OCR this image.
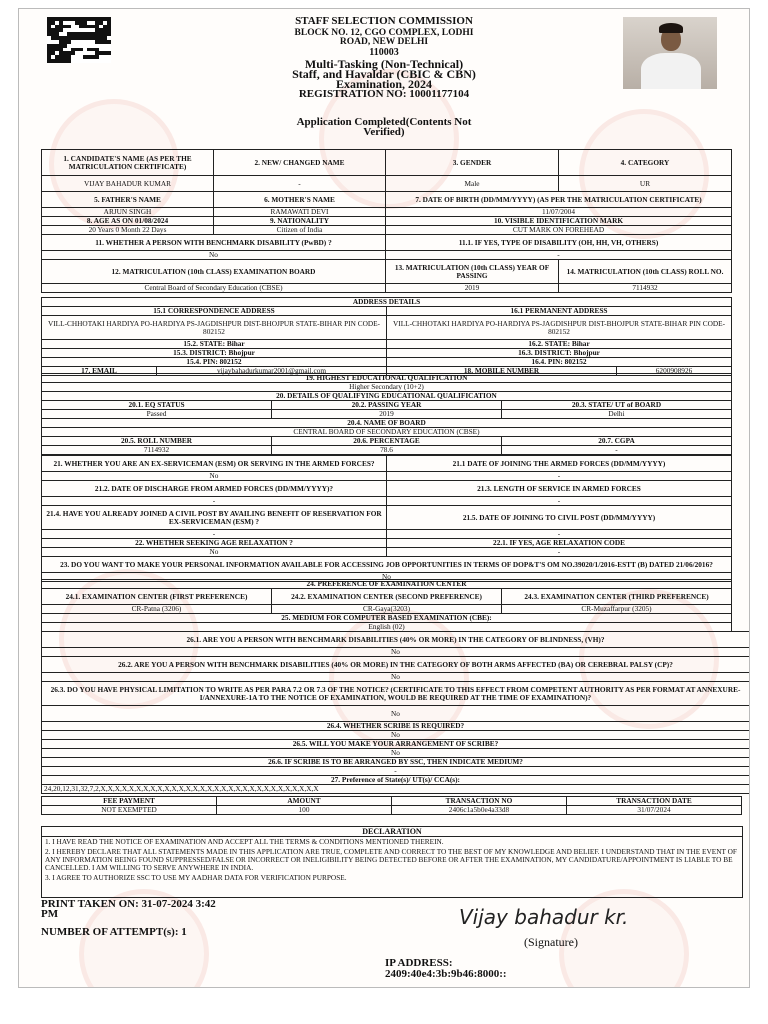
STAFF SELECTION COMMISSION
BLOCK NO. 12, CGO COMPLEX, LODHI
ROAD, NEW DELHI
110003
Multi-Tasking (Non-Technical)
Staff, and Havaldar (CBIC & CBN)
Examination, 2024
REGISTRATION NO: 10001177104
Application Completed(Contents Not
Verified)
1. CANDIDATE'S NAME (AS PER THE MATRICULATION CERTIFICATE)	2. NEW/ CHANGED NAME	3. GENDER	4. CATEGORY
VIJAY BAHADUR KUMAR	-	Male	UR
5. FATHER'S NAME	6. MOTHER'S NAME	7. DATE OF BIRTH (DD/MM/YYYY) (AS PER THE MATRICULATION CERTIFICATE)	
ARJUN SINGH	RAMAWATI DEVI	11/07/2004	
8. AGE AS ON 01/08/2024	9. NATIONALITY	10. VISIBLE IDENTIFICATION MARK	
20 Years 0 Month 22 Days	Citizen of India	CUT MARK ON FOREHEAD	
11. WHETHER A PERSON WITH BENCHMARK DISABILITY (PwBD) ?		11.1. IF YES, TYPE OF DISABILITY (OH, HH, VH, OTHERS)	
No		-	
12. MATRICULATION (10th CLASS) EXAMINATION BOARD		13. MATRICULATION (10th CLASS) YEAR OF PASSING	14. MATRICULATION (10th CLASS) ROLL NO.
Central Board of Secondary Education (CBSE)		2019	7114932
ADDRESS DETAILS			
15.1 CORRESPONDENCE ADDRESS		16.1 PERMANENT ADDRESS	
VILL-CHHOTAKI HARDIYA PO-HARDIYA PS-JAGDISHPUR DIST-BHOJPUR STATE-BIHAR PIN CODE-802152		VILL-CHHOTAKI HARDIYA PO-HARDIYA PS-JAGDISHPUR DIST-BHOJPUR STATE-BIHAR PIN CODE-802152	
15.2. STATE: Bihar		16.2. STATE: Bihar	
15.3. DISTRICT: Bhojpur		16.3. DISTRICT: Bhojpur	
15.4. PIN: 802152		16.4. PIN: 802152	
17. EMAIL	vijaybahadurkumar2001@gmail.com	18. MOBILE NUMBER	6200908926
19. HIGHEST EDUCATIONAL QUALIFICATION		
Higher Secondary (10+2)		
20. DETAILS OF QUALIFYING EDUCATIONAL QUALIFICATION		
20.1. EQ STATUS	20.2. PASSING YEAR	20.3. STATE/ UT of BOARD
Passed	2019	Delhi
20.4. NAME OF BOARD		
CENTRAL BOARD OF SECONDARY EDUCATION (CBSE)		
20.5. ROLL NUMBER	20.6. PERCENTAGE	20.7. CGPA
7114932	78.6	-
21. WHETHER YOU ARE AN EX-SERVICEMAN (ESM) OR SERVING IN THE ARMED FORCES?	21.1 DATE OF JOINING THE ARMED FORCES (DD/MM/YYYY)
No	-
21.2. DATE OF DISCHARGE FROM ARMED FORCES (DD/MM/YYYY)?	21.3. LENGTH OF SERVICE IN ARMED FORCES
-	-
21.4. HAVE YOU ALREADY JOINED A CIVIL POST BY AVAILING BENEFIT OF RESERVATION FOR EX-SERVICEMAN (ESM) ?	21.5. DATE OF JOINING TO CIVIL POST (DD/MM/YYYY)
-	-
22. WHETHER SEEKING AGE RELAXATION ?	22.1. IF YES, AGE RELAXATION CODE
No	-
23. DO YOU WANT TO MAKE YOUR PERSONAL INFORMATION AVAILABLE FOR ACCESSING JOB OPPORTUNITIES IN TERMS OF DOP&T'S OM NO.39020/1/2016-ESTT (B) DATED 21/06/2016?	
No	
24. PREFERENCE OF EXAMINATION CENTER		
24.1. EXAMINATION CENTER (FIRST PREFERENCE)	24.2. EXAMINATION CENTER (SECOND PREFERENCE)	24.3. EXAMINATION CENTER (THIRD PREFERENCE)
CR-Patna (3206)	CR-Gaya(3203)	CR-Muzaffarpur (3205)
25. MEDIUM FOR COMPUTER BASED EXAMINATION (CBE):		
English (02)		
26.1. ARE YOU A PERSON WITH BENCHMARK DISABILITIES (40% OR MORE) IN THE CATEGORY OF BLINDNESS, (VH)?
No
26.2. ARE YOU A PERSON WITH BENCHMARK DISABILITIES (40% OR MORE) IN THE CATEGORY OF BOTH ARMS AFFECTED (BA) OR CEREBRAL PALSY (CP)?
No
26.3. DO YOU HAVE PHYSICAL LIMITATION TO WRITE AS PER PARA 7.2 OR 7.3 OF THE NOTICE? (CERTIFICATE TO THIS EFFECT FROM COMPETENT AUTHORITY AS PER FORMAT AT ANNEXURE-I/ANNEXURE-1A TO THE NOTICE OF EXAMINATION, WOULD BE REQUIRED AT THE TIME OF EXAMINATION)?
No
26.4. WHETHER SCRIBE IS REQUIRED?
No
26.5. WILL YOU MAKE YOUR ARRANGEMENT OF SCRIBE?
No
26.6. IF SCRIBE IS TO BE ARRANGED BY SSC, THEN INDICATE MEDIUM?
-
27. Preference of State(s)/ UT(s)/ CCA(s):
24,20,12,31,32,7,2,X,X,X,X,X,X,X,X,X,X,X,X,X,X,X,X,X,X,X,X,X,X,X,X,X,X,X,X,X,X,X
FEE PAYMENT	AMOUNT	TRANSACTION NO	TRANSACTION DATE
NOT EXEMPTED	100	2406c1a5b0e4a33d8	31/07/2024
DECLARATION
1. I HAVE READ THE NOTICE OF EXAMINATION AND ACCEPT ALL THE TERMS & CONDITIONS MENTIONED THEREIN.
2. I HEREBY DECLARE THAT ALL STATEMENTS MADE IN THIS APPLICATION ARE TRUE, COMPLETE AND CORRECT TO THE BEST OF MY KNOWLEDGE AND BELIEF. I UNDERSTAND THAT IN THE EVENT OF ANY INFORMATION BEING FOUND SUPPRESSED/FALSE OR INCORRECT OR INELIGIBILITY BEING DETECTED BEFORE OR AFTER THE EXAMINATION, MY CANDIDATURE/APPOINTMENT IS LIABLE TO BE CANCELLED. I AM WILLING TO SERVE ANYWHERE IN INDIA.
3. I AGREE TO AUTHORIZE SSC TO USE MY AADHAR DATA FOR VERIFICATION PURPOSE.
PRINT TAKEN ON: 31-07-2024 3:42
PM
NUMBER OF ATTEMPT(s): 1
Vijay bahadur kr.
(Signature)
IP ADDRESS:
2409:40e4:3b:9b46:8000::
